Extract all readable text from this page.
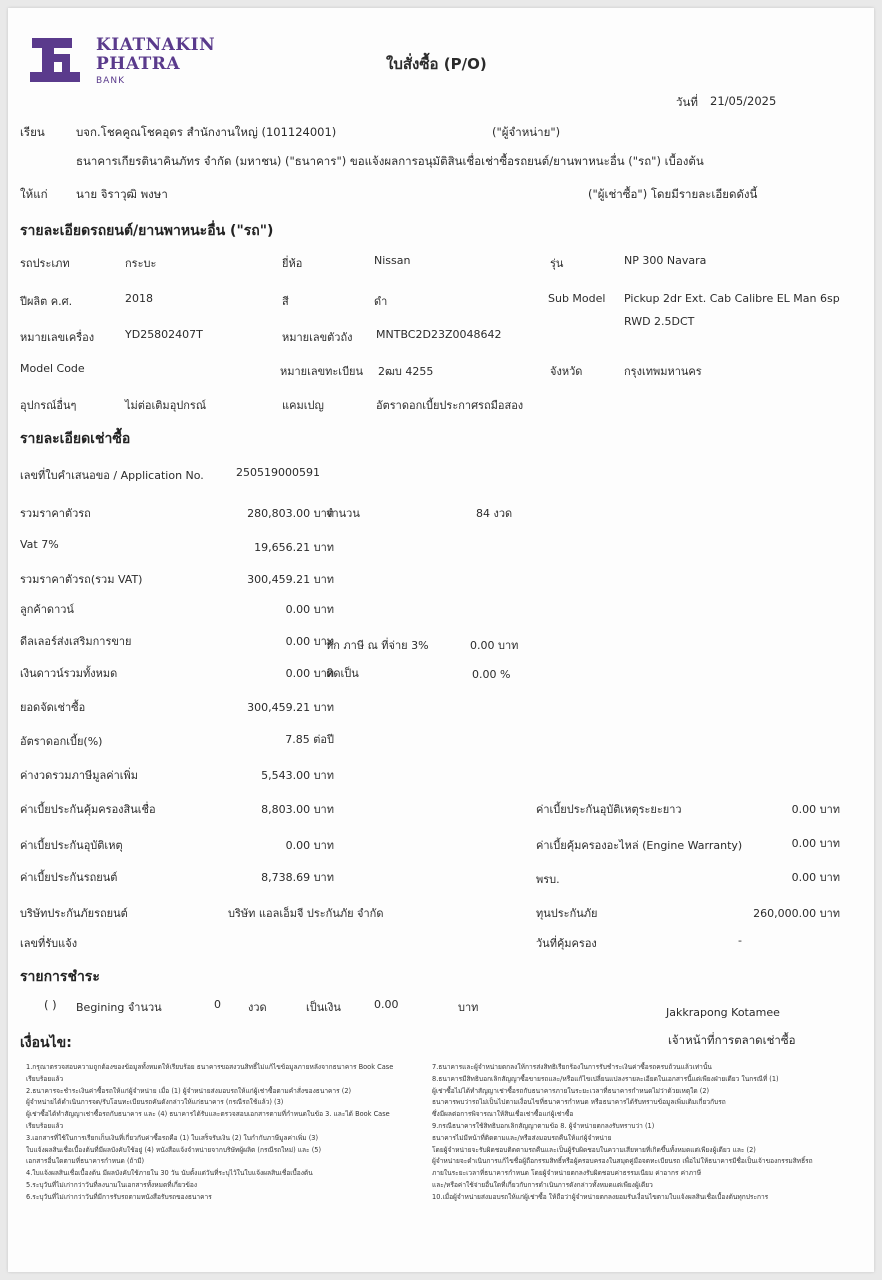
KIATNAKIN
PHATRA
BANK
ใบสั่งซื้อ (P/O)
วันที่ 21/05/2025
เรียน	บจก.โชคคูณโชคอุดร สำนักงานใหญ่ (101124001)	("ผู้จำหน่าย")
ธนาคารเกียรตินาคินภัทร จำกัด (มหาชน) ("ธนาคาร") ขอแจ้งผลการอนุมัติสินเชื่อเช่าซื้อรถยนต์/ยานพาหนะอื่น ("รถ") เบื้องต้น
ให้แก่ นาย จิราวุฒิ พงษา	("ผู้เช่าซื้อ") โดยมีรายละเอียดดังนี้
รายละเอียดรถยนต์/ยานพาหนะอื่น ("รถ")
รถประเภท	กระบะ	ยี่ห้อ	Nissan	รุ่น	NP 300 Navara
ปีผลิต ค.ศ.	2018	สี	ดำ	Sub Model Pickup 2dr Ext. Cab Calibre EL Man 6sp
RWD 2.5DCT
หมายเลขเครื่อง	YD25802407T	หมายเลขตัวถัง MNTBC2D23Z0048642
Model Code	หมายเลขทะเบียน 2ฒบ 4255	จังหวัด	กรุงเทพมหานคร
อุปกรณ์อื่นๆ	ไม่ต่อเติมอุปกรณ์	แคมเปญ	อัตราดอกเบี้ยประกาศรถมือสอง
รายละเอียดเช่าซื้อ
เลขที่ใบคำเสนอขอ / Application No.	250519000591
รวมราคาตัวรถ	280,803.00 บาท
จำนวน	84 งวด
Vat 7%	19,656.21 บาท
รวมราคาตัวรถ(รวม VAT)	300,459.21 บาท
ลูกค้าดาวน์	0.00 บาท
ดีลเลอร์ส่งเสริมการขาย	0.00 บาท
หัก ภาษี ณ ที่จ่าย 3%	0.00 บาท
เงินดาวน์รวมทั้งหมด	0.00 บาท
คิดเป็น	0.00 %
ยอดจัดเช่าซื้อ	300,459.21 บาท
อัตราดอกเบี้ย(%)	7.85 ต่อปี
ค่างวดรวมภาษีมูลค่าเพิ่ม	5,543.00 บาท
ค่าเบี้ยประกันคุ้มครองสินเชื่อ	8,803.00 บาท	ค่าเบี้ยประกันอุบัติเหตุระยะยาว	0.00 บาท
ค่าเบี้ยประกันอุบัติเหตุ	0.00 บาท	ค่าเบี้ยคุ้มครองอะไหล่ (Engine Warranty)	0.00 บาท
ค่าเบี้ยประกันรถยนต์	8,738.69 บาท	พรบ.	0.00 บาท
บริษัทประกันภัยรถยนต์	บริษัท แอลเอ็มจี ประกันภัย จำกัด	ทุนประกันภัย	260,000.00 บาท
เลขที่รับแจ้ง	วันที่คุ้มครอง	-
รายการชำระ
( ) Begining จำนวน	0 งวด	เป็นเงิน	0.00	บาท	Jakkrapong Kotamee
เจ้าหน้าที่การตลาดเช่าซื้อ
เงื่อนไข:

1.กรุณาตรวจสอบความถูกต้องของข้อมูลทั้งหมดให้เรียบร้อย ธนาคารขอสงวนสิทธิ์ไม่แก้ไขข้อมูลภายหลังจากธนาคาร Book Case

เรียบร้อยแล้ว

2.ธนาคารจะชำระเงินค่าซื้อรถให้แก่ผู้จำหน่าย เมื่อ (1) ผู้จำหน่ายส่งมอบรถให้แก่ผู้เช่าซื้อตามคำสั่งของธนาคาร (2)

ผู้จำหน่ายได้ดำเนินการจด/รับโอนทะเบียนรถคันดังกล่าวให้แก่ธนาคาร (กรณีรถใช้แล้ว) (3)

ผู้เช่าซื้อได้ทำสัญญาเช่าซื้อรถกับธนาคาร และ (4) ธนาคารได้รับและตรวจสอบเอกสารตามที่กำหนดในข้อ 3. และได้ Book Case

เรียบร้อยแล้ว

3.เอกสารที่ใช้ในการเรียกเก็บเงินที่เกี่ยวกับค่าซื้อรถคือ (1) ใบเสร็จรับเงิน (2) ใบกำกับภาษีมูลค่าเพิ่ม (3)

ใบแจ้งผลสินเชื่อเบื้องต้นที่มีผลบังคับใช้อยู่ (4) หนังสือแจ้งจำหน่ายจากบริษัทผู้ผลิต (กรณีรถใหม่) และ (5)

เอกสารอื่นใดตามที่ธนาคารกำหนด (ถ้ามี)

4.ใบแจ้งผลสินเชื่อเบื้องต้น มีผลบังคับใช้ภายใน 30 วัน นับตั้งแต่วันที่ระบุไว้ในใบแจ้งผลสินเชื่อเบื้องต้น

5.ระบุวันที่ไม่เก่ากว่าวันที่ลงนามในเอกสารทั้งหมดที่เกี่ยวข้อง

6.ระบุวันที่ไม่เก่ากว่าวันที่มีการรับรถตามหนังสือรับรถของธนาคาร

7.ธนาคารและผู้จำหน่ายตกลงให้การส่งสิทธิเรียกร้องในการรับชำระเงินค่าซื้อรถครบถ้วนแล้วเท่านั้น

8.ธนาคารมีสิทธิบอกเลิกสัญญาซื้อขายรถและ/หรือแก้ไขเปลี่ยนแปลงรายละเอียดในเอกสารนี้แต่เพียงฝ่ายเดียว ในกรณีที่ (1)

ผู้เช่าซื้อไม่ได้ทำสัญญาเช่าซื้อรถกับธนาคารภายในระยะเวลาที่ธนาคารกำหนดไม่ว่าด้วยเหตุใด (2)

ธนาคารพบว่ารถไม่เป็นไปตามเงื่อนไขที่ธนาคารกำหนด หรือธนาคารได้รับทราบข้อมูลเพิ่มเติมเกี่ยวกับรถ

ซึ่งมีผลต่อการพิจารณาให้สินเชื่อเช่าซื้อแก่ผู้เช่าซื้อ

9.กรณีธนาคารใช้สิทธิบอกเลิกสัญญาตามข้อ 8. ผู้จำหน่ายตกลงรับทราบว่า (1)

ธนาคารไม่มีหน้าที่ติดตามและ/หรือส่งมอบรถคืนให้แก่ผู้จำหน่าย

โดยผู้จำหน่ายจะรับผิดชอบติดตามรถคืนและเป็นผู้รับผิดชอบในความเสียหายที่เกิดขึ้นทั้งหมดแต่เพียงผู้เดียว และ (2)

ผู้จำหน่ายจะดำเนินการแก้ไขชื่อผู้ถือกรรมสิทธิ์หรือผู้ครอบครองในสมุดคู่มือจดทะเบียนรถ เพื่อไม่ให้ธนาคารมีชื่อเป็นเจ้าของกรรมสิทธิ์รถ

ภายในระยะเวลาที่ธนาคารกำหนด โดยผู้จำหน่ายตกลงรับผิดชอบค่าธรรมเนียม ค่าอากร ค่าภาษี

และ/หรือค่าใช้จ่ายอื่นใดที่เกี่ยวกับการดำเนินการดังกล่าวทั้งหมดแต่เพียงผู้เดียว

10.เมื่อผู้จำหน่ายส่งมอบรถให้แก่ผู้เช่าซื้อ ให้ถือว่าผู้จำหน่ายตกลงยอมรับเงื่อนไขตามใบแจ้งผลสินเชื่อเบื้องต้นทุกประการ
